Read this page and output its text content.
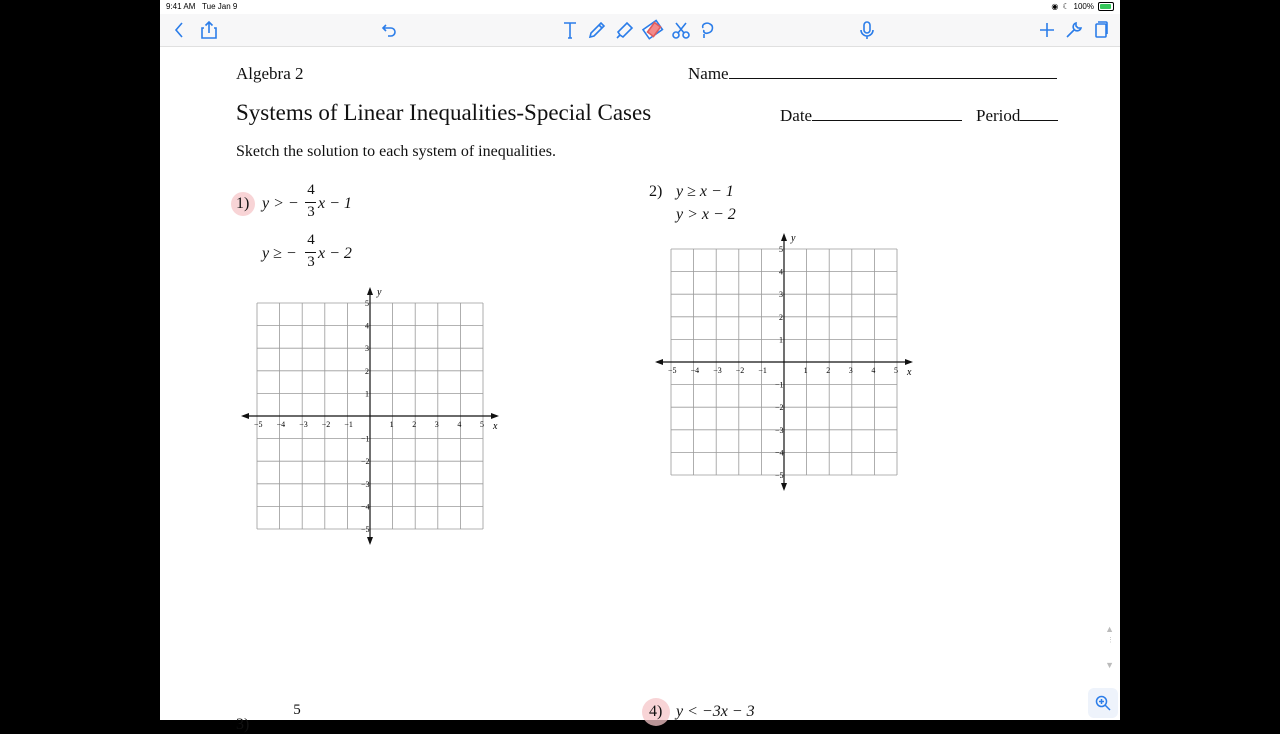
9:41 AM Tue Jan 9	◉ ☾ 100%
Algebra 2	Name
Systems of Linear Inequalities-Special Cases	Date	Period
Sketch the solution to each system of inequalities.
1) y > −
4
3 x − 1
y ≥ −
4
3 x − 2
x
y
−5 −4 −3 −2 −1	1 2 3 4 5
5
4
3
2
1
−1
−2
−3
−4
−5
2) y ≥ x − 1
y > x − 2
x
y
−5 −4 −3 −2 −1	1 2 3 4 5
5
4
3
2
1
−1
−2
−3
−4
−5
3)
5	4) y < −3x − 3
▲
⋮
▼
